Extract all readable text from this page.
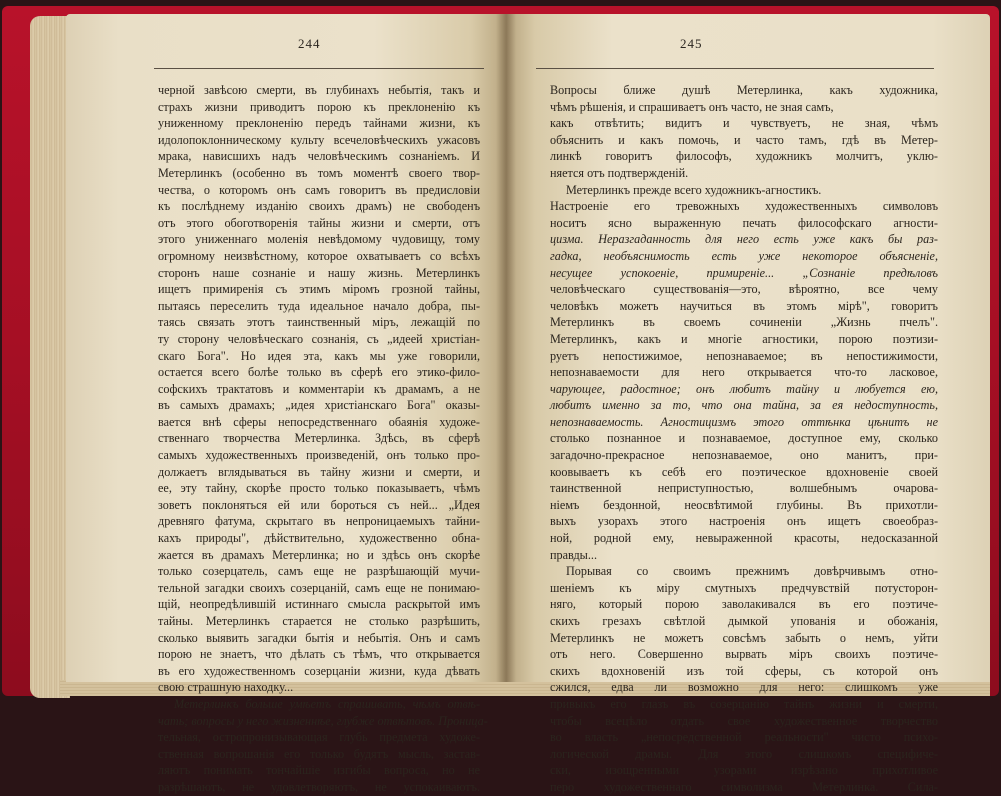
244
черной завѣсою смерти, въ глубинахъ небытія, такъ и
страхъ жизни приводитъ порою къ преклоненію къ
униженному преклоненію передъ тайнами жизни, къ
идолопоклонническому культу всечеловѣческихъ ужасовъ
мрака, нависшихъ надъ человѣческимъ сознаніемъ. И
Метерлинкъ (особенно въ томъ моментѣ своего твор-
чества, о которомъ онъ самъ говоритъ въ предисловіи
къ послѣднему изданію своихъ драмъ) не свободенъ
отъ этого обоготворенія тайны жизни и смерти, отъ
этого униженнаго моленія невѣдомому чудовищу, тому
огромному неизвѣстному, которое охватываетъ со всѣхъ
сторонъ наше сознаніе и нашу жизнь. Метерлинкъ
ищетъ примиренія съ этимъ міромъ грозной тайны,
пытаясь переселить туда идеальное начало добра, пы-
таясь связать этотъ таинственный міръ, лежащій по
ту сторону человѣческаго сознанія, съ „идеей христіан-
скаго Бога". Но идея эта, какъ мы уже говорили,
остается всего болѣе только въ сферѣ его этико-фило-
софскихъ трактатовъ и комментаріи къ драмамъ, а не
въ самыхъ драмахъ; „идея христіанскаго Бога" оказы-
вается внѣ сферы непосредственнаго обаянія художе-
ственнаго творчества Метерлинка. Здѣсь, въ сферѣ
самыхъ художественныхъ произведеній, онъ только про-
должаетъ вглядываться въ тайну жизни и смерти, и
ее, эту тайну, скорѣе просто только показываетъ, чѣмъ
зоветъ поклоняться ей или бороться съ ней... „Идея
древняго фатума, скрытаго въ непроницаемыхъ тайни-
кахъ природы", дѣйствительно, художественно обна-
жается въ драмахъ Метерлинка; но и здѣсь онъ скорѣе
только созерцатель, самъ еще не разрѣшающій мучи-
тельной загадки своихъ созерцаній, самъ еще не понимаю-
щій, неопредѣлившій истиннаго смысла раскрытой имъ
тайны. Метерлинкъ старается не столько разрѣшить,
сколько выявить загадки бытія и небытія. Онъ и самъ
порою не знаетъ, что дѣлать съ тѣмъ, что открывается
въ его художественномъ созерцаніи жизни, куда дѣвать
свою страшную находку...
Метерлинкъ больше умѣетъ спрашивать, чѣмъ отвѣ-
чать; вопросы у него жизненнѣе, глубже отвѣтовъ. Проница-
тельная, остропронизывающая глубь предмета художе-
ственная вопрошанія его только будятъ мысль, застав-
ляютъ понимать тончайшіе изгибы вопроса, но не
разрѣшаютъ, не удовлетворяютъ, не успокаиваютъ.
245
Вопросы ближе душѣ Метерлинка, какъ художника,
чѣмъ рѣшенія, и спрашиваетъ онъ часто, не зная самъ,
какъ отвѣтить; видитъ и чувствуетъ, не зная, чѣмъ
объяснить и какъ помочь, и часто тамъ, гдѣ въ Метер-
линкѣ говоритъ философъ, художникъ молчитъ, уклю-
няется отъ подтвержденій.
Метерлинкъ прежде всего художникъ-агностикъ.
Настроеніе его тревожныхъ художественныхъ символовъ
носитъ ясно выраженную печать философскаго агности-
цизма. Неразгаданность для него есть уже какъ бы раз-
гадка, необъяснимость есть уже некоторое объясненіе,
несущее успокоеніе, примиреніе... „Сознаніе предѣловъ
человѣческаго существованія—это, вѣроятно, все чему
человѣкъ можетъ научиться въ этомъ мірѣ", говоритъ
Метерлинкъ въ своемъ сочиненіи „Жизнь пчелъ".
Метерлинкъ, какъ и многіе агностики, порою поэтизи-
руетъ непостижимое, непознаваемое; въ непостижимости,
непознаваемости для него открывается что-то ласковое,
чарующее, радостное; онъ любитъ тайну и любуется ею,
любитъ именно за то, что она тайна, за ея недоступность,
непознаваемость. Агностицизмъ этого оттѣнка цѣнитъ не
столько познанное и познаваемое, доступное ему, сколько
загадочно-прекрасное непознаваемое, оно манитъ, при-
коовываетъ къ себѣ его поэтическое вдохновеніе своей
таинственной неприступностью, волшебнымъ очарова-
ніемъ бездонной, неосвѣтимой глубины. Въ прихотли-
выхъ узорахъ этого настроенія онъ ищетъ своеобраз-
ной, родной ему, невыраженной красоты, недосказанной
правды...
Порывая со своимъ прежнимъ довѣрчивымъ отно-
шеніемъ къ міру смутныхъ предчувствій потусторон-
няго, который порою заволакивался въ его поэтиче-
скихъ грезахъ свѣтлой дымкой упованія и обожанія,
Метерлинкъ не можетъ совсѣмъ забыть о немъ, уйти
отъ него. Совершенно вырвать міръ своихъ поэтиче-
скихъ вдохновеній изъ той сферы, съ которой онъ
сжился, едва ли возможно для него: слишкомъ уже
привыкъ его глазъ въ созерцанію тайнъ жизни и смерти,
чтобы всецѣло отдать свое художественное творчество
во власть „непосредственной реальности" чисто психо-
логической драмы. Для этого слишкомъ специфиче-
ски, изощренными узорами изрѣзано прихотливое
перо художественнаго символизма Метерлинка. Сила-
